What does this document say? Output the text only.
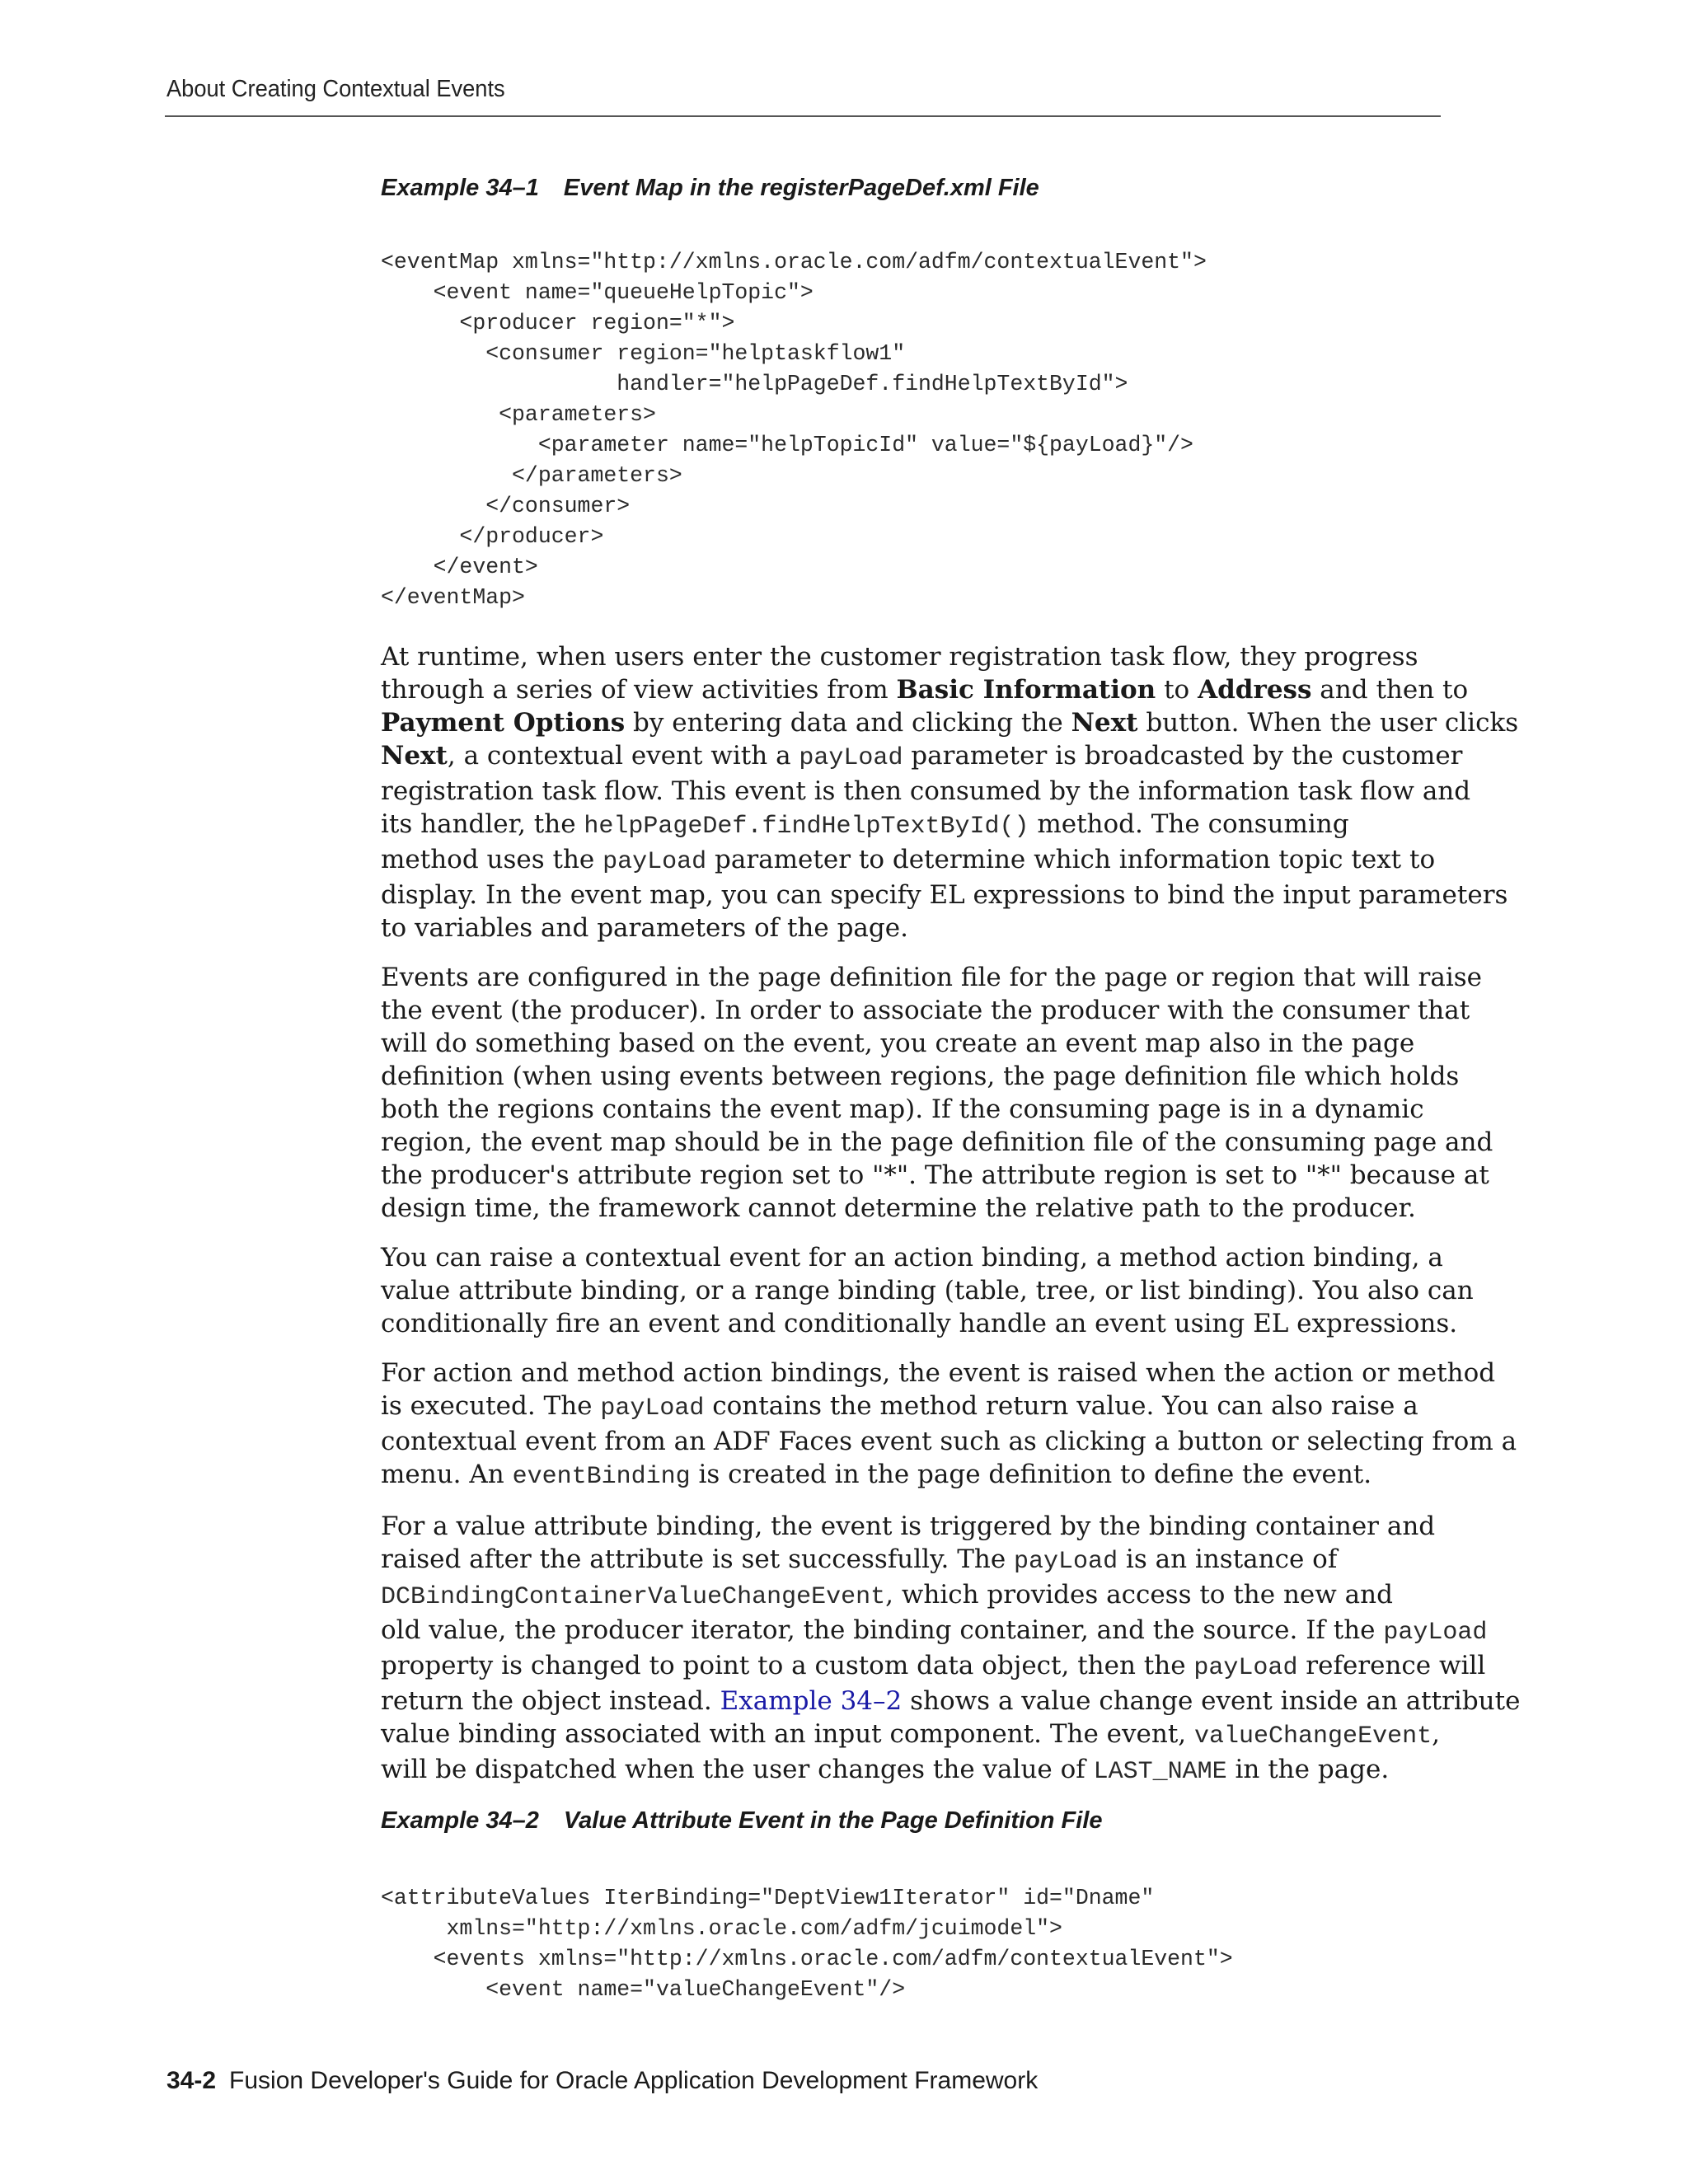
About Creating Contextual Events
Example 34–1 Event Map in the registerPageDef.xml File
<eventMap xmlns="http://xmlns.oracle.com/adfm/contextualEvent">
<event name="queueHelpTopic">
<producer region="*">
<consumer region="helptaskflow1"
handler="helpPageDef.findHelpTextById">
<parameters>
<parameter name="helpTopicId" value="${payLoad}"/>
</parameters>
</consumer>
</producer>
</event>
</eventMap>

At runtime, when users enter the customer registration task flow, they progress
through a series of view activities from Basic Information to Address and then to
Payment Options by entering data and clicking the Next button. When the user clicks
Next, a contextual event with a payLoad parameter is broadcasted by the customer
registration task flow. This event is then consumed by the information task flow and
its handler, the helpPageDef.findHelpTextById() method. The consuming
method uses the payLoad parameter to determine which information topic text to
display. In the event map, you can specify EL expressions to bind the input parameters
to variables and parameters of the page.

Events are configured in the page definition file for the page or region that will raise
the event (the producer). In order to associate the producer with the consumer that
will do something based on the event, you create an event map also in the page
definition (when using events between regions, the page definition file which holds
both the regions contains the event map). If the consuming page is in a dynamic
region, the event map should be in the page definition file of the consuming page and
the producer's attribute region set to "*". The attribute region is set to "*" because at
design time, the framework cannot determine the relative path to the producer.

You can raise a contextual event for an action binding, a method action binding, a
value attribute binding, or a range binding (table, tree, or list binding). You also can
conditionally fire an event and conditionally handle an event using EL expressions.

For action and method action bindings, the event is raised when the action or method
is executed. The payLoad contains the method return value. You can also raise a
contextual event from an ADF Faces event such as clicking a button or selecting from a
menu. An eventBinding is created in the page definition to define the event.

For a value attribute binding, the event is triggered by the binding container and
raised after the attribute is set successfully. The payLoad is an instance of
DCBindingContainerValueChangeEvent, which provides access to the new and
old value, the producer iterator, the binding container, and the source. If the payLoad
property is changed to point to a custom data object, then the payLoad reference will
return the object instead. Example 34–2 shows a value change event inside an attribute
value binding associated with an input component. The event, valueChangeEvent,
will be dispatched when the user changes the value of LAST_NAME in the page.

Example 34–2 Value Attribute Event in the Page Definition File
<attributeValues IterBinding="DeptView1Iterator" id="Dname"
xmlns="http://xmlns.oracle.com/adfm/jcuimodel">
<events xmlns="http://xmlns.oracle.com/adfm/contextualEvent">
<event name="valueChangeEvent"/>
34-2 Fusion Developer's Guide for Oracle Application Development Framework
